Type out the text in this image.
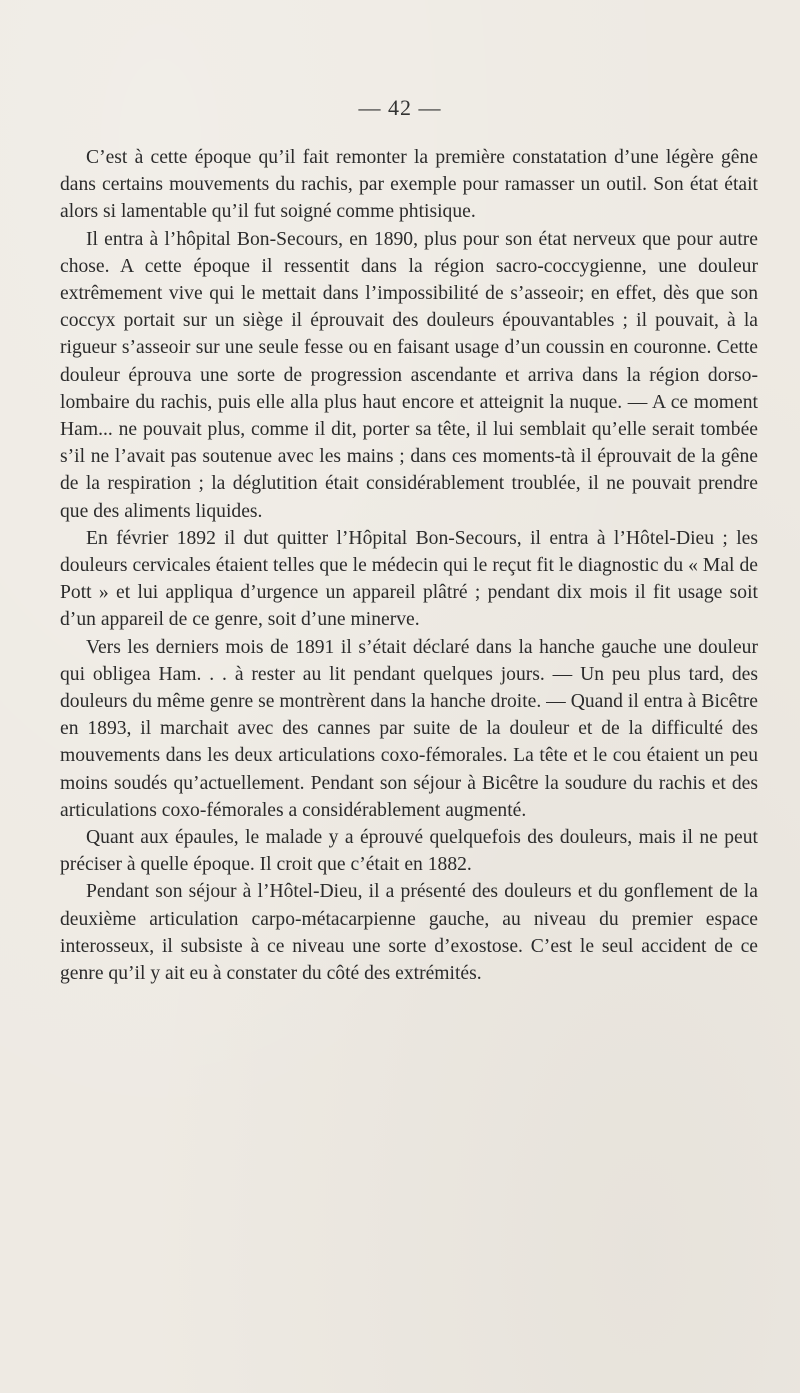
— 42 —

C’est à cette époque qu’il fait remonter la première constatation d’une légère gêne dans certains mouvements du rachis, par exemple pour ramasser un outil. Son état était alors si lamentable qu’il fut soigné comme phtisique.

Il entra à l’hôpital Bon-Secours, en 1890, plus pour son état nerveux que pour autre chose. A cette époque il ressentit dans la région sacro-coccygienne, une douleur extrêmement vive qui le mettait dans l’impossibilité de s’asseoir; en effet, dès que son coccyx portait sur un siège il éprouvait des douleurs épouvantables ; il pouvait, à la rigueur s’asseoir sur une seule fesse ou en faisant usage d’un coussin en couronne. Cette douleur éprouva une sorte de progression ascendante et arriva dans la région dorso-lombaire du rachis, puis elle alla plus haut encore et atteignit la nuque. — A ce moment Ham... ne pouvait plus, comme il dit, porter sa tête, il lui semblait qu’elle serait tombée s’il ne l’avait pas soutenue avec les mains ; dans ces moments-tà il éprouvait de la gêne de la respiration ; la déglutition était considérablement troublée, il ne pouvait prendre que des aliments liquides.

En février 1892 il dut quitter l’Hôpital Bon-Secours, il entra à l’Hôtel-Dieu ; les douleurs cervicales étaient telles que le médecin qui le reçut fit le diagnostic du « Mal de Pott » et lui appliqua d’urgence un appareil plâtré ; pendant dix mois il fit usage soit d’un appareil de ce genre, soit d’une minerve.

Vers les derniers mois de 1891 il s’était déclaré dans la hanche gauche une douleur qui obligea Ham. . . à rester au lit pendant quelques jours. — Un peu plus tard, des douleurs du même genre se montrèrent dans la hanche droite. — Quand il entra à Bicêtre en 1893, il marchait avec des cannes par suite de la douleur et de la difficulté des mouvements dans les deux articulations coxo-fémorales. La tête et le cou étaient un peu moins soudés qu’actuellement. Pendant son séjour à Bicêtre la soudure du rachis et des articulations coxo-fémorales a considérablement augmenté.

Quant aux épaules, le malade y a éprouvé quelquefois des douleurs, mais il ne peut préciser à quelle époque. Il croit que c’était en 1882.

Pendant son séjour à l’Hôtel-Dieu, il a présenté des douleurs et du gonflement de la deuxième articulation carpo-métacarpienne gauche, au niveau du premier espace interosseux, il subsiste à ce niveau une sorte d’exostose. C’est le seul accident de ce genre qu’il y ait eu à constater du côté des extrémités.
